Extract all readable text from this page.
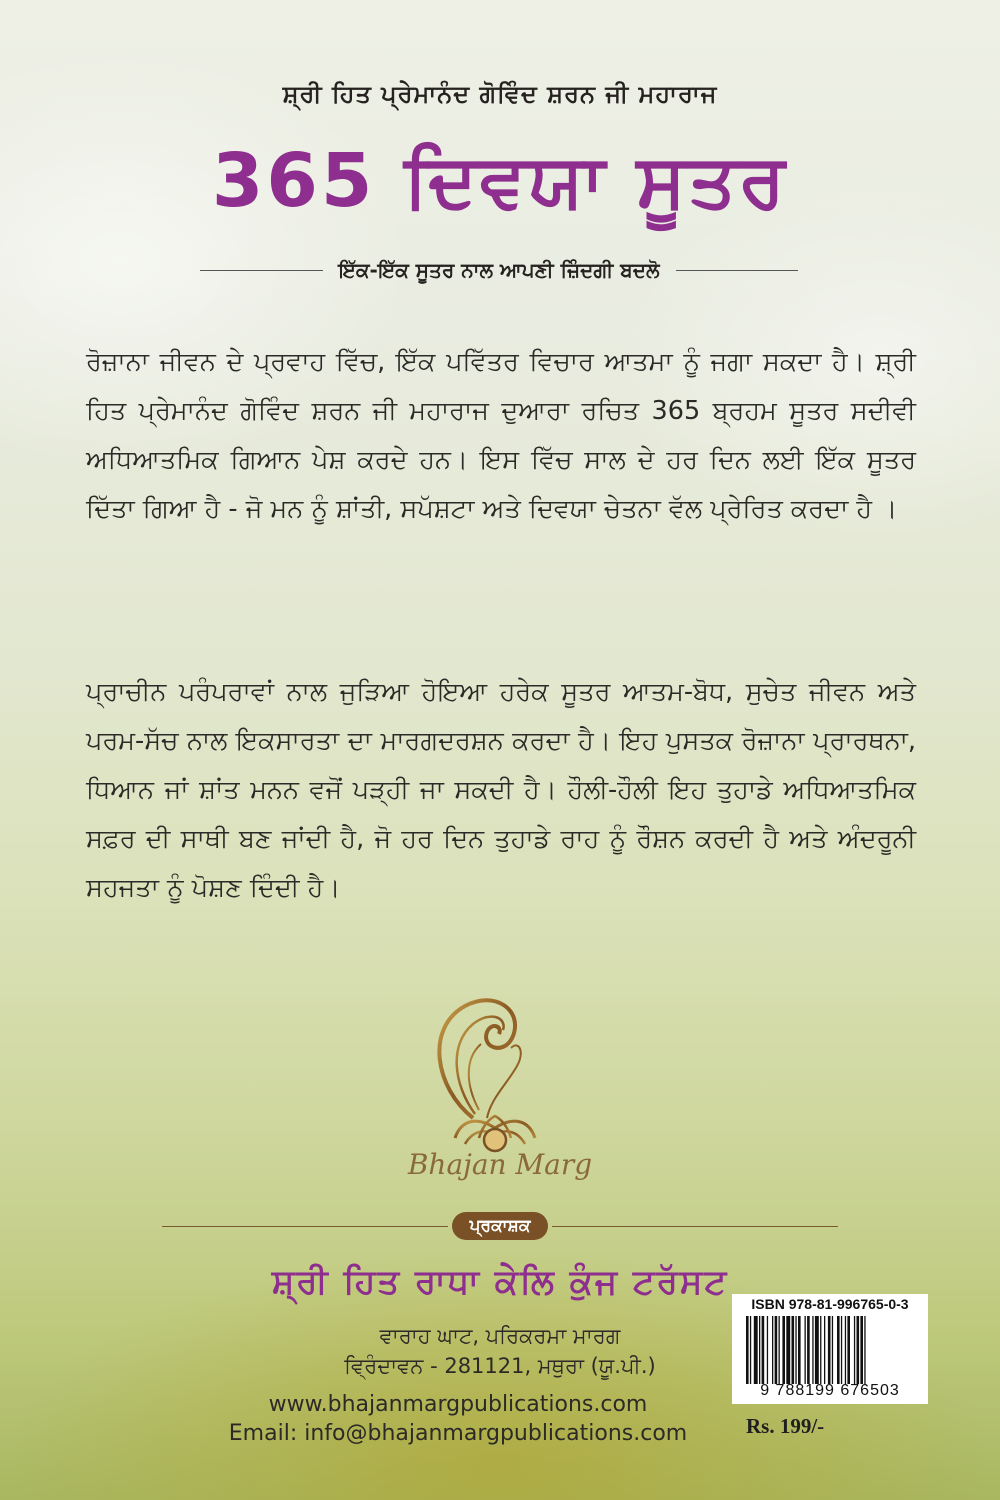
ਸ਼੍ਰੀ ਹਿਤ ਪ੍ਰੇਮਾਨੰਦ ਗੋਵਿੰਦ ਸ਼ਰਨ ਜੀ ਮਹਾਰਾਜ
365 ਦਿਵਯਾ ਸੂਤਰ
ਇੱਕ-ਇੱਕ ਸੂਤਰ ਨਾਲ ਆਪਣੀ ਜ਼ਿੰਦਗੀ ਬਦਲੋ
ਰੋਜ਼ਾਨਾ ਜੀਵਨ ਦੇ ਪ੍ਰਵਾਹ ਵਿੱਚ, ਇੱਕ ਪਵਿੱਤਰ ਵਿਚਾਰ ਆਤਮਾ ਨੂੰ ਜਗਾ ਸਕਦਾ ਹੈ। ਸ਼੍ਰੀ ਹਿਤ ਪ੍ਰੇਮਾਨੰਦ ਗੋਵਿੰਦ ਸ਼ਰਨ ਜੀ ਮਹਾਰਾਜ ਦੁਆਰਾ ਰਚਿਤ 365 ਬ੍ਰਹਮ ਸੂਤਰ ਸਦੀਵੀ ਅਧਿਆਤਮਿਕ ਗਿਆਨ ਪੇਸ਼ ਕਰਦੇ ਹਨ। ਇਸ ਵਿੱਚ ਸਾਲ ਦੇ ਹਰ ਦਿਨ ਲਈ ਇੱਕ ਸੂਤਰ ਦਿੱਤਾ ਗਿਆ ਹੈ - ਜੋ ਮਨ ਨੂੰ ਸ਼ਾਂਤੀ, ਸਪੱਸ਼ਟਾ ਅਤੇ ਦਿਵਯਾ ਚੇਤਨਾ ਵੱਲ ਪ੍ਰੇਰਿਤ ਕਰਦਾ ਹੈ ।
ਪ੍ਰਾਚੀਨ ਪਰੰਪਰਾਵਾਂ ਨਾਲ ਜੁੜਿਆ ਹੋਇਆ ਹਰੇਕ ਸੂਤਰ ਆਤਮ-ਬੋਧ, ਸੁਚੇਤ ਜੀਵਨ ਅਤੇ ਪਰਮ-ਸੱਚ ਨਾਲ ਇਕਸਾਰਤਾ ਦਾ ਮਾਰਗਦਰਸ਼ਨ ਕਰਦਾ ਹੈ। ਇਹ ਪੁਸਤਕ ਰੋਜ਼ਾਨਾ ਪ੍ਰਾਰਥਨਾ, ਧਿਆਨ ਜਾਂ ਸ਼ਾਂਤ ਮਨਨ ਵਜੋਂ ਪੜ੍ਹੀ ਜਾ ਸਕਦੀ ਹੈ। ਹੌਲੀ-ਹੌਲੀ ਇਹ ਤੁਹਾਡੇ ਅਧਿਆਤਮਿਕ ਸਫ਼ਰ ਦੀ ਸਾਥੀ ਬਣ ਜਾਂਦੀ ਹੈ, ਜੋ ਹਰ ਦਿਨ ਤੁਹਾਡੇ ਰਾਹ ਨੂੰ ਰੌਸ਼ਨ ਕਰਦੀ ਹੈ ਅਤੇ ਅੰਦਰੂਨੀ ਸਹਜਤਾ ਨੂੰ ਪੋਸ਼ਣ ਦਿੰਦੀ ਹੈ।
Bhajan Marg
ਪ੍ਰਕਾਸ਼ਕ
ਸ਼੍ਰੀ ਹਿਤ ਰਾਧਾ ਕੇਲਿ ਕੁੰਜ ਟਰੱਸਟ
ਵਾਰਾਹ ਘਾਟ, ਪਰਿਕਰਮਾ ਮਾਰਗ
ਵ੍ਰਿੰਦਾਵਨ - 281121, ਮਥੁਰਾ (ਯੂ.ਪੀ.)
www.bhajanmargpublications.com
Email: info@bhajanmargpublications.com
ISBN 978-81-996765-0-3
9 788199 676503
Rs. 199/-
